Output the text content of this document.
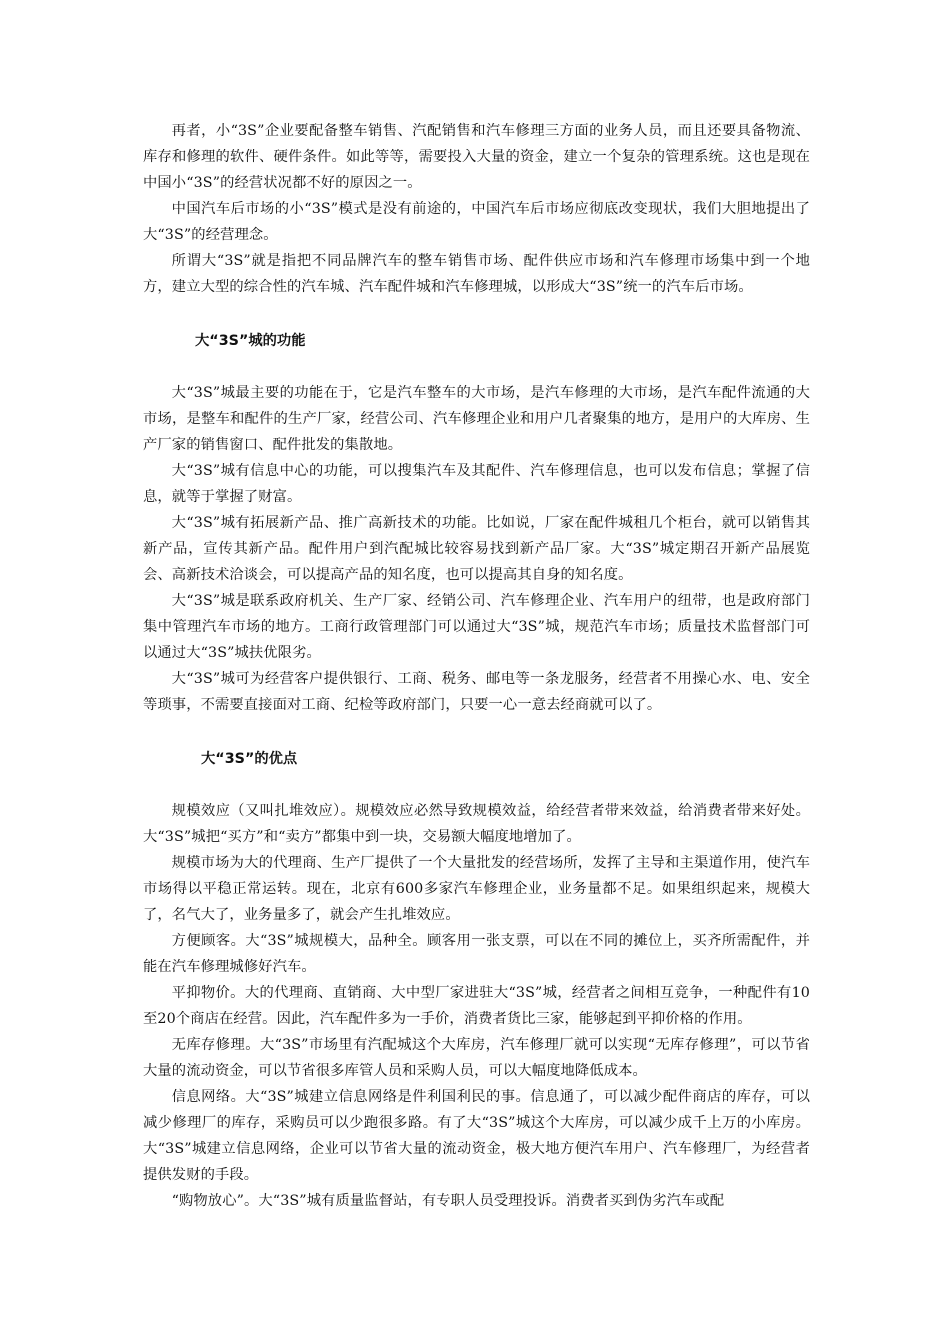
再者，小“3S”企业要配备整车销售、汽配销售和汽车修理三方面的业务人员，而且还要具备物流、库存和修理的软件、硬件条件。如此等等，需要投入大量的资金，建立一个复杂的管理系统。这也是现在中国小“3S”的经营状况都不好的原因之一。

中国汽车后市场的小“3S”模式是没有前途的，中国汽车后市场应彻底改变现状，我们大胆地提出了大“3S”的经营理念。

所谓大“3S”就是指把不同品牌汽车的整车销售市场、配件供应市场和汽车修理市场集中到一个地方，建立大型的综合性的汽车城、汽车配件城和汽车修理城，以形成大“3S”统一的汽车后市场。

大“3S”城的功能

大“3S”城最主要的功能在于，它是汽车整车的大市场，是汽车修理的大市场，是汽车配件流通的大市场，是整车和配件的生产厂家，经营公司、汽车修理企业和用户几者聚集的地方，是用户的大库房、生产厂家的销售窗口、配件批发的集散地。

大“3S”城有信息中心的功能，可以搜集汽车及其配件、汽车修理信息，也可以发布信息；掌握了信息，就等于掌握了财富。

大“3S”城有拓展新产品、推广高新技术的功能。比如说，厂家在配件城租几个柜台，就可以销售其新产品，宣传其新产品。配件用户到汽配城比较容易找到新产品厂家。大“3S”城定期召开新产品展览会、高新技术洽谈会，可以提高产品的知名度，也可以提高其自身的知名度。

大“3S”城是联系政府机关、生产厂家、经销公司、汽车修理企业、汽车用户的纽带，也是政府部门集中管理汽车市场的地方。工商行政管理部门可以通过大“3S”城，规范汽车市场；质量技术监督部门可以通过大“3S”城扶优限劣。

大“3S”城可为经营客户提供银行、工商、税务、邮电等一条龙服务，经营者不用操心水、电、安全等琐事，不需要直接面对工商、纪检等政府部门，只要一心一意去经商就可以了。

大“3S”的优点

规模效应（又叫扎堆效应）。规模效应必然导致规模效益，给经营者带来效益，给消费者带来好处。大“3S”城把“买方”和“卖方”都集中到一块，交易额大幅度地增加了。

规模市场为大的代理商、生产厂提供了一个大量批发的经营场所，发挥了主导和主渠道作用，使汽车市场得以平稳正常运转。现在，北京有600多家汽车修理企业，业务量都不足。如果组织起来，规模大了，名气大了，业务量多了，就会产生扎堆效应。

方便顾客。大“3S”城规模大，品种全。顾客用一张支票，可以在不同的摊位上，买齐所需配件，并能在汽车修理城修好汽车。

平抑物价。大的代理商、直销商、大中型厂家进驻大“3S”城，经营者之间相互竞争，一种配件有10至20个商店在经营。因此，汽车配件多为一手价，消费者货比三家，能够起到平抑价格的作用。

无库存修理。大“3S”市场里有汽配城这个大库房，汽车修理厂就可以实现“无库存修理”，可以节省大量的流动资金，可以节省很多库管人员和采购人员，可以大幅度地降低成本。

信息网络。大“3S”城建立信息网络是件利国利民的事。信息通了，可以减少配件商店的库存，可以减少修理厂的库存，采购员可以少跑很多路。有了大“3S”城这个大库房，可以减少成千上万的小库房。大“3S”城建立信息网络，企业可以节省大量的流动资金，极大地方便汽车用户、汽车修理厂，为经营者提供发财的手段。

“购物放心”。大“3S”城有质量监督站，有专职人员受理投诉。消费者买到伪劣汽车或配
